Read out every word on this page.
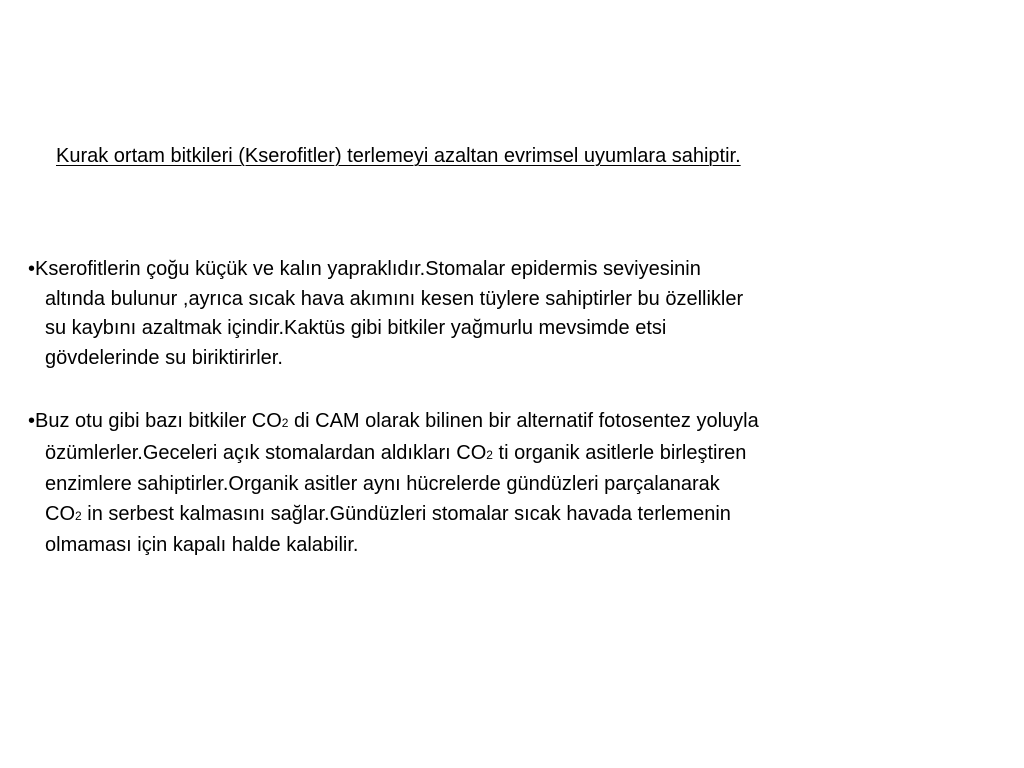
Kurak ortam bitkileri (Kserofitler) terlemeyi azaltan evrimsel uyumlara sahiptir.
•Kserofitlerin çoğu küçük ve kalın yapraklıdır.Stomalar epidermis seviyesinin
altında bulunur ,ayrıca sıcak hava akımını kesen tüylere sahiptirler bu özellikler
su kaybını azaltmak içindir.Kaktüs gibi bitkiler yağmurlu mevsimde etsi
gövdelerinde su biriktirirler.
•Buz otu gibi bazı bitkiler CO2 di CAM olarak bilinen bir alternatif fotosentez yoluyla
özümlerler.Geceleri açık stomalardan aldıkları CO2 ti organik asitlerle birleştiren
enzimlere sahiptirler.Organik asitler aynı hücrelerde gündüzleri parçalanarak
CO2 in serbest kalmasını sağlar.Gündüzleri stomalar sıcak havada terlemenin
olmaması için kapalı halde kalabilir.
